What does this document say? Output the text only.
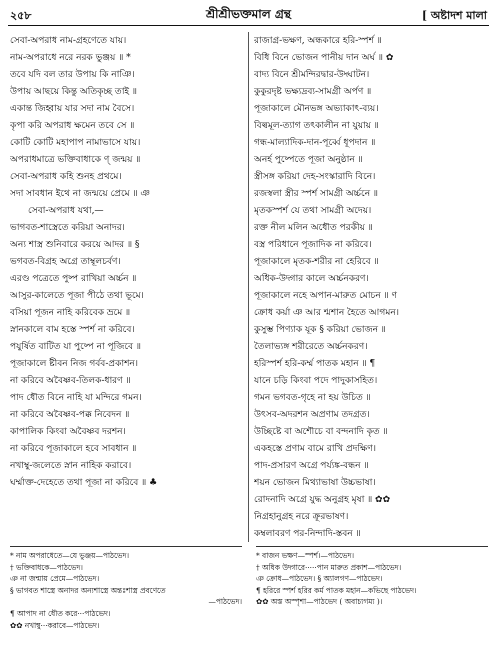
২৫৮	শ্রীশ্রীভক্তমাল গ্রন্থ	[ অষ্টাদশ মালা
সেবা-অপরাধ নাম-গ্রহণেতে যায়।
নাম-অপরাধে নরে নরক ভুঞ্জয় ॥ *
তবে যদি বল তার উপায় কি নাঞি।
উপায় আছয়ে কিন্তু অতিকৃচ্ছ তাই ॥
একান্ত জিহ্বায় যার সদা নাম বৈসে।
কৃপা করি অপরাধ ক্ষমেন তবে সে ॥
কোটি কোটি মহাপাপ নামাভাসে যায়।
অপরাধমাত্রে ভক্তিবাধাকে ণ্‌ জন্ময় ॥
সেবা-অপরাধ কহি শুনহ প্রথমে।
সদা সাবধান ইথে না জন্ময়ে প্রেমে ॥ ঞ
সেবা-অপরাধ যথা,—
ভাগবত-শাস্ত্রেতে করিয়া অনাদর।
অন্য শাস্ত্র শুনিবারে করয়ে আদর ॥ §
ভগবত-বিগ্রহ অগ্রে তাম্বূলচর্বণ।
এরণ্ড পত্রেতে পুষ্প রাখিয়া অর্চ্চন ॥
আসুর-কালেতে পূজা পীঠে তথা ভূমে।
বসিয়া পূজন নাহি করিবেক ভ্রমে ॥
স্নানকালে বাম হস্তে স্পর্শ না করিবে।
পযুর্ষিত বাটিত যা পুষ্পে না পূজিবে ॥
পূজাকালে ষ্টীবন নিজ গর্বব-প্রকাশন।
না করিবে অবৈষ্ণব-তিলক-ধারণ ॥
পাদ ধৌত বিনে নাহি যা মন্দিরে গমন।
না করিবে অবৈষ্ণব-পক্ক নিবেদন ॥
কাপালিক কিংবা অবৈষ্ণব দরশন।
না করিবে পূজাকালে হবে সাবধান ॥
নখাম্বু-জলেতে স্নান নাহিক করাবে।
ঘর্ম্মাক্ত-দেহেতে তথা পূজা না করিবে ॥ ♣
রাজাগ্র-ভক্ষণ, অন্ধকারে হরি-স্পর্শ ॥
বিধি বিনে ভোজন পানীয় দান অর্ঘ ॥ ✿
বাদ্য বিনে শ্রীমন্দিরদ্বার-উদ্ঘাটন।
কুকুরদৃষ্ট ভক্ষ্যদ্রব্য-সামগ্রী অর্পণ ॥
পূজাকালে মৌনভঙ্গ অভ্যাকাৎ-ব্যয়।
বিল্বমূল-ত্যাগ তৎকালীন না যুয়ায় ॥
গন্ধ-মাল্যাদিক-দান-পূর্ব্বে ধূপদান ॥
অনর্হ পুষ্পেতে পূজা অনুষ্ঠান ॥
স্ত্রীসঙ্গ করিয়া দেহ-সংস্কারাদি বিনে।
রজস্বলা স্ত্রীর স্পর্শ সামগ্রী অর্চ্চনে ॥
মৃতকস্পর্শ যে তথা সামগ্রী অদেয়।
রক্ত নীল মলিন অধৌত পরকীয় ॥
বস্ত্র পরিধানে পূজাদিক না করিবে।
পূজাকালে মৃতক-শরীর না হেরিবে ॥
অধিক-উদ্গার কালে অর্চ্চনকরণ।
পূজাকালে নহে অপান-মারুত মোচন ॥ ণ
ক্রোধ কর্য়া ঞ আর শ্মশান হৈতে আগমন।
কুসুম্ভ পিণ্যাক যূক § করিয়া ভোজন ॥
তৈলাভ্যঙ্গ শরীরেতে অর্চ্চনকরণ।
হরিস্পর্শ হরি-কর্ম্ম পাতক মহান ॥ ¶
যানে চড়ি কিংবা পদে পাদুকাসহিত।
গমন ভগবত-গৃহে না হয় উচিত ॥
উৎসব-অদরশন অপ্রণাম তদগ্রত।
উচ্ছিষ্টে বা অশৌচে বা বন্দনাদি কৃত ॥
একহস্তে প্রণাম বামে রাখি প্রদক্ষিণ।
পাদ-প্রসারণ অগ্রে পর্য্যঙ্ক-বন্ধন ॥
শয়ন ভোজন মিথ্যাভাষা উচ্চভাষা।
রোদনাদি অগ্রে যুদ্ধ অনুগ্রহ মৃষা ॥ ✿✿
নিগ্রহানুগ্রহ নরে ক্রূরভাষণ।
কম্বলাবরণ পর-নিন্দাদি-স্তবন ॥
* নাম অপরাধেতে—যে ভুঞ্জয়—পাঠভেদ।
† ভক্তিবাধকে—পাঠভেদ।
ঞ না জন্মায় প্রেমে—পাঠভেদ।
§ ভাগবত শাস্ত্রে অনাদর অন্যশাস্ত্রে অন্তঃশাস্ত্র প্রবণেতে
—পাঠভেদ।
¶ আপাদ না ধৌত করে···পাঠভেদ।
✿✿ নখাম্বু···করাবে—পাঠভেদ।
* বাজন ভক্ষণ—স্পর্শ।—পাঠভেদ।
† অধিক উদ্গারে·····পান মারুত প্রকাশ—পাঠভেদ।
ঞ ক্রোধ—পাঠভেদ। § অ্যালগণ—পাঠভেদ।
¶ হরিরে স্পর্শ হরির কর্ম পাতক মহান—কভিছে পাঠভেদ।
✿✿ অস্ত অস্পৃশা—পাঠভেদ ( অবাচ্যগম্য )।
